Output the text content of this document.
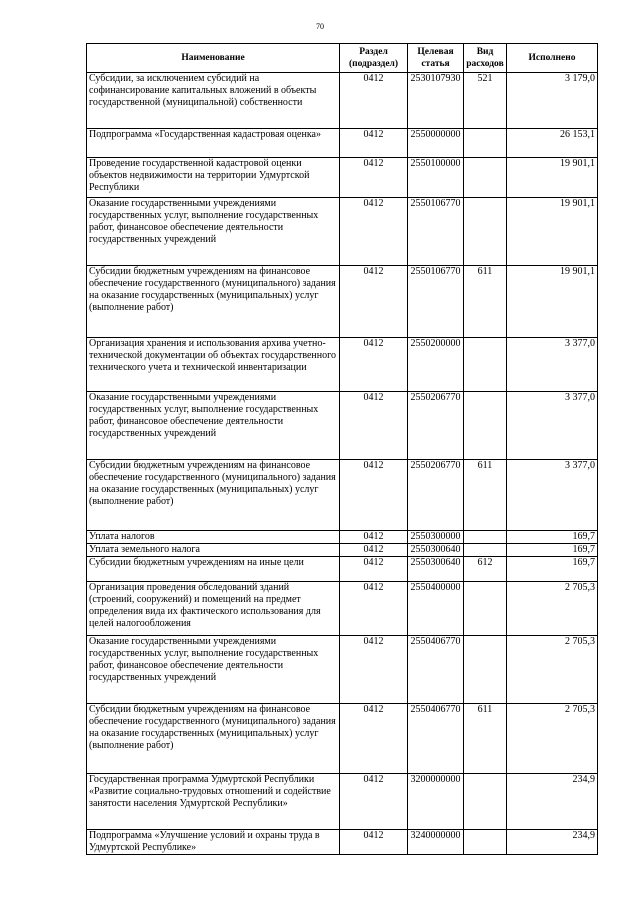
70
Наименование	Раздел (подраздел)	Целевая статья	Вид расходов	Исполнено
Субсидии, за исключением субсидий на софинансирование капитальных вложений в объекты государственной (муниципальной) собственности	0412	2530107930	521	3 179,0
Подпрограмма «Государственная кадастровая оценка»	0412	2550000000		26 153,1
Проведение государственной кадастровой оценки объектов недвижимости на территории Удмуртской Республики	0412	2550100000		19 901,1
Оказание государственными учреждениями государственных услуг, выполнение государственных работ, финансовое обеспечение деятельности государственных учреждений	0412	2550106770		19 901,1
Субсидии бюджетным учреждениям на финансовое обеспечение государственного (муниципального) задания на оказание государственных (муниципальных) услуг (выполнение работ)	0412	2550106770	611	19 901,1
Организация хранения и использования архива учетно-технической документации об объектах государственного технического учета и технической инвентаризации	0412	2550200000		3 377,0
Оказание государственными учреждениями государственных услуг, выполнение государственных работ, финансовое обеспечение деятельности государственных учреждений	0412	2550206770		3 377,0
Субсидии бюджетным учреждениям на финансовое обеспечение государственного (муниципального) задания на оказание государственных (муниципальных) услуг (выполнение работ)	0412	2550206770	611	3 377,0
Уплата налогов	0412	2550300000		169,7
Уплата земельного налога	0412	2550300640		169,7
Субсидии бюджетным учреждениям на иные цели	0412	2550300640	612	169,7
Организация проведения обследований зданий (строений, сооружений) и помещений на предмет определения вида их фактического использования для целей налогообложения	0412	2550400000		2 705,3
Оказание государственными учреждениями государственных услуг, выполнение государственных работ, финансовое обеспечение деятельности государственных учреждений	0412	2550406770		2 705,3
Субсидии бюджетным учреждениям на финансовое обеспечение государственного (муниципального) задания на оказание государственных (муниципальных) услуг (выполнение работ)	0412	2550406770	611	2 705,3
Государственная программа Удмуртской Республики «Развитие социально-трудовых отношений и содействие занятости населения Удмуртской Республики»	0412	3200000000		234,9
Подпрограмма «Улучшение условий и охраны труда в Удмуртской Республике»	0412	3240000000		234,9
